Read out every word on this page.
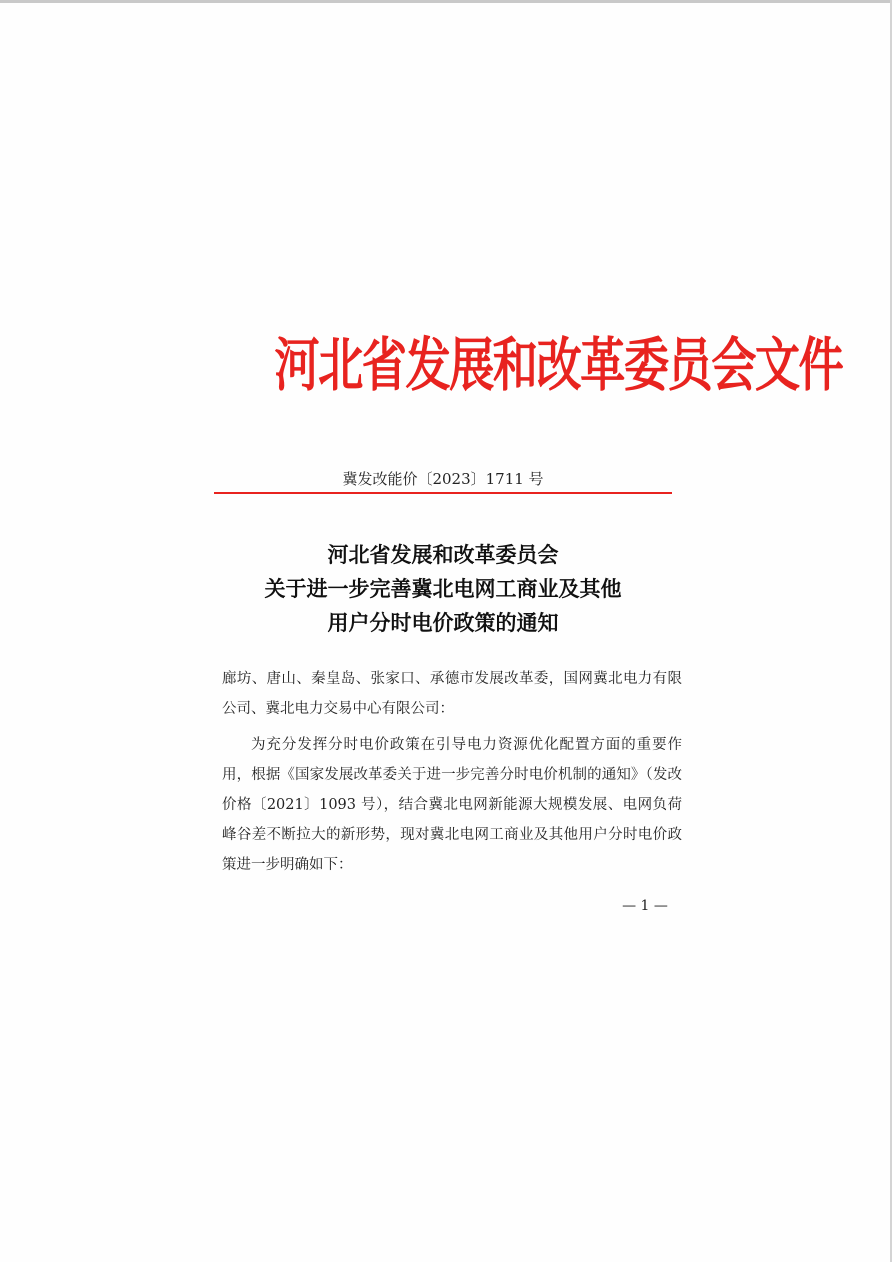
河北省发展和改革委员会文件
冀发改能价〔2023〕1711 号
河北省发展和改革委员会
关于进一步完善冀北电网工商业及其他
用户分时电价政策的通知

廊坊、唐山、秦皇岛、张家口、承德市发展改革委，国网冀北电力有限公司、冀北电力交易中心有限公司：

为充分发挥分时电价政策在引导电力资源优化配置方面的重要作用，根据《国家发展改革委关于进一步完善分时电价机制的通知》（发改价格〔2021〕1093 号），结合冀北电网新能源大规模发展、电网负荷峰谷差不断拉大的新形势，现对冀北电网工商业及其他用户分时电价政策进一步明确如下：

— 1 —
